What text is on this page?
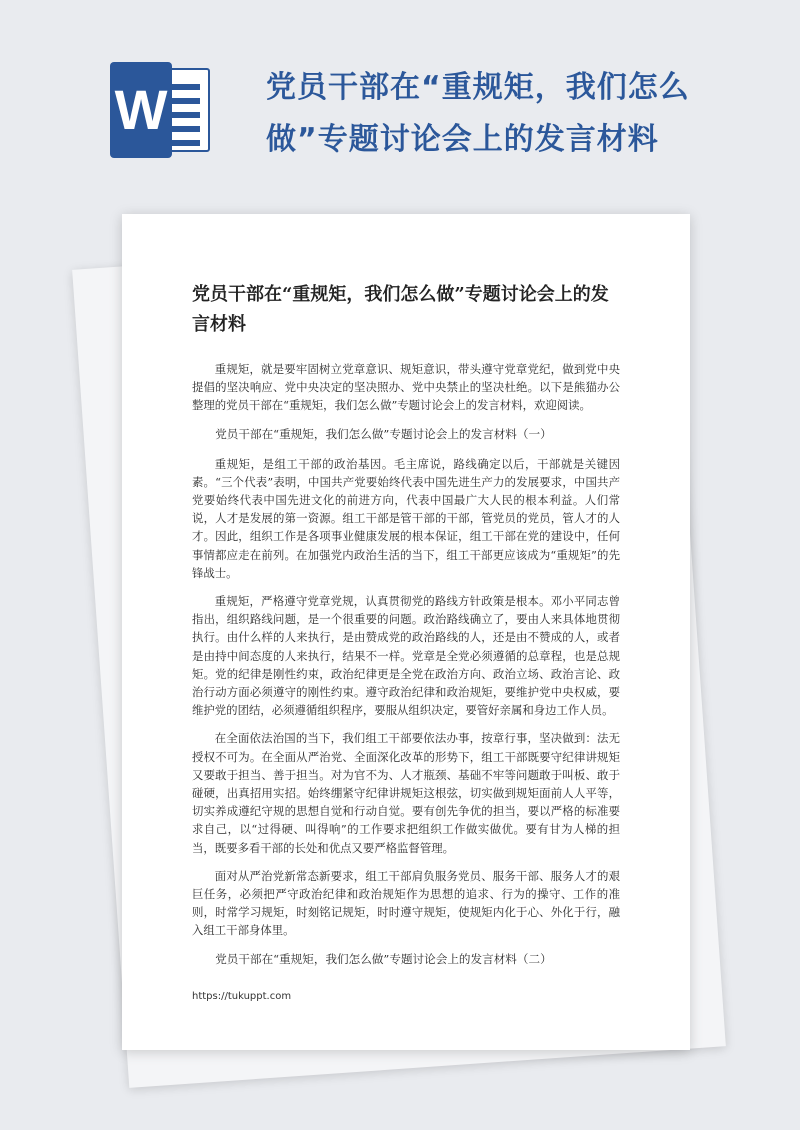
W	党员干部在“重规矩，我们怎么做”专题讨论会上的发言材料
党员干部在“重规矩，我们怎么做”专题讨论会上的发言材料

重规矩，就是要牢固树立党章意识、规矩意识，带头遵守党章党纪，做到党中央提倡的坚决响应、党中央决定的坚决照办、党中央禁止的坚决杜绝。以下是熊猫办公整理的党员干部在“重规矩，我们怎么做”专题讨论会上的发言材料，欢迎阅读。

党员干部在“重规矩，我们怎么做”专题讨论会上的发言材料（一）

重规矩，是组工干部的政治基因。毛主席说，路线确定以后，干部就是关键因素。“三个代表”表明，中国共产党要始终代表中国先进生产力的发展要求，中国共产党要始终代表中国先进文化的前进方向，代表中国最广大人民的根本利益。人们常说，人才是发展的第一资源。组工干部是管干部的干部，管党员的党员，管人才的人才。因此，组织工作是各项事业健康发展的根本保证，组工干部在党的建设中，任何事情都应走在前列。在加强党内政治生活的当下，组工干部更应该成为“重规矩”的先锋战士。

重规矩，严格遵守党章党规，认真贯彻党的路线方针政策是根本。邓小平同志曾指出，组织路线问题，是一个很重要的问题。政治路线确立了，要由人来具体地贯彻执行。由什么样的人来执行，是由赞成党的政治路线的人，还是由不赞成的人，或者是由持中间态度的人来执行，结果不一样。党章是全党必须遵循的总章程，也是总规矩。党的纪律是刚性约束，政治纪律更是全党在政治方向、政治立场、政治言论、政治行动方面必须遵守的刚性约束。遵守政治纪律和政治规矩，要维护党中央权威，要维护党的团结，必须遵循组织程序，要服从组织决定，要管好亲属和身边工作人员。

在全面依法治国的当下，我们组工干部要依法办事，按章行事，坚决做到：法无授权不可为。在全面从严治党、全面深化改革的形势下，组工干部既要守纪律讲规矩又要敢于担当、善于担当。对为官不为、人才瓶颈、基础不牢等问题敢于叫板、敢于碰硬，出真招用实招。始终绷紧守纪律讲规矩这根弦，切实做到规矩面前人人平等，切实养成遵纪守规的思想自觉和行动自觉。要有创先争优的担当，要以严格的标准要求自己，以“过得硬、叫得响”的工作要求把组织工作做实做优。要有甘为人梯的担当，既要多看干部的长处和优点又要严格监督管理。

面对从严治党新常态新要求，组工干部肩负服务党员、服务干部、服务人才的艰巨任务，必须把严守政治纪律和政治规矩作为思想的追求、行为的操守、工作的准则，时常学习规矩，时刻铭记规矩，时时遵守规矩，使规矩内化于心、外化于行，融入组工干部身体里。

党员干部在“重规矩，我们怎么做”专题讨论会上的发言材料（二）

https://tukuppt.com
